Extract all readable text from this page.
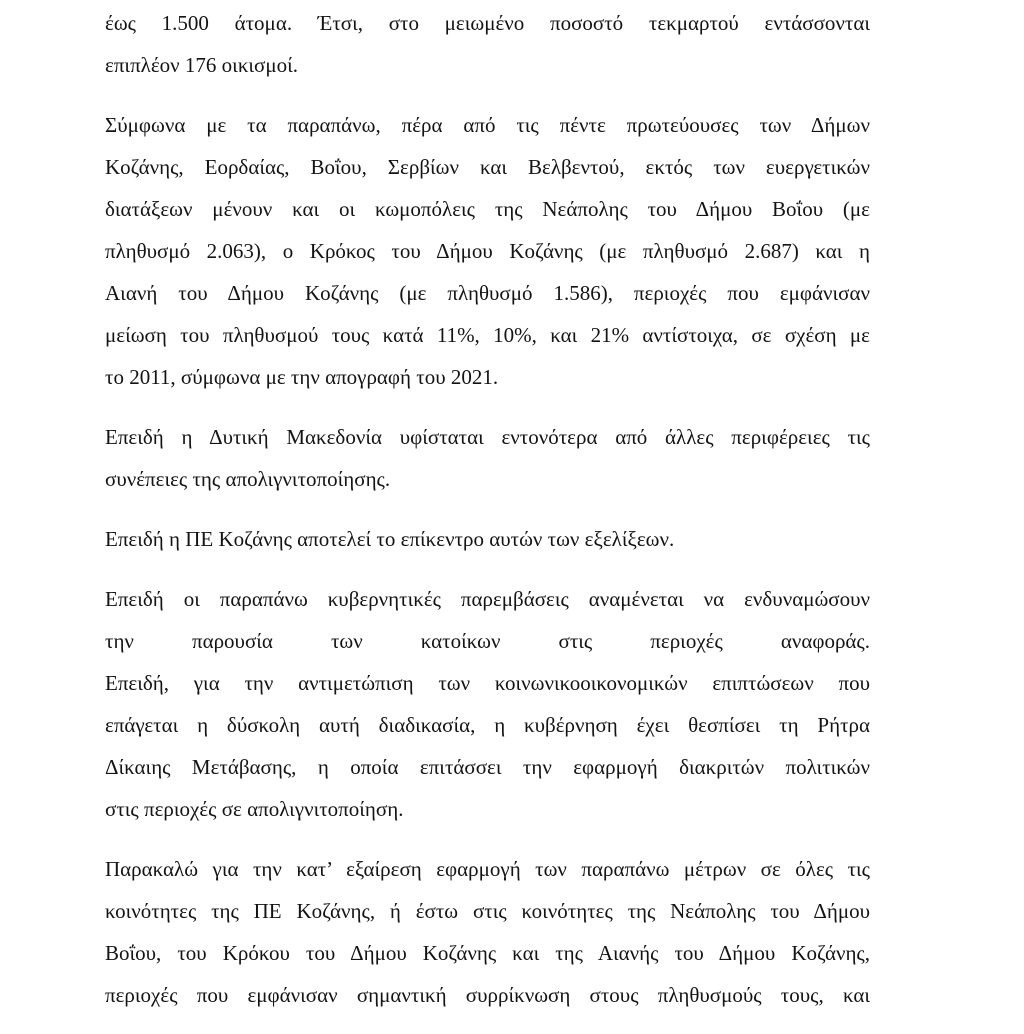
έως 1.500 άτομα. Έτσι, στο μειωμένο ποσοστό τεκμαρτού εντάσσονται
επιπλέον 176 οικισμοί.
Σύμφωνα με τα παραπάνω, πέρα από τις πέντε πρωτεύουσες των Δήμων
Κοζάνης, Εορδαίας, Βοΐου, Σερβίων και Βελβεντού, εκτός των ευεργετικών
διατάξεων μένουν και οι κωμοπόλεις της Νεάπολης του Δήμου Βοΐου (με
πληθυσμό 2.063), ο Κρόκος του Δήμου Κοζάνης (με πληθυσμό 2.687) και η
Αιανή του Δήμου Κοζάνης (με πληθυσμό 1.586), περιοχές που εμφάνισαν
μείωση του πληθυσμού τους κατά 11%, 10%, και 21% αντίστοιχα, σε σχέση με
το 2011, σύμφωνα με την απογραφή του 2021.
Επειδή η Δυτική Μακεδονία υφίσταται εντονότερα από άλλες περιφέρειες τις
συνέπειες της απολιγνιτοποίησης.
Επειδή η ΠΕ Κοζάνης αποτελεί το επίκεντρο αυτών των εξελίξεων.
Επειδή οι παραπάνω κυβερνητικές παρεμβάσεις αναμένεται να ενδυναμώσουν
την παρουσία των κατοίκων στις περιοχές αναφοράς.
Επειδή, για την αντιμετώπιση των κοινωνικοοικονομικών επιπτώσεων που
επάγεται η δύσκολη αυτή διαδικασία, η κυβέρνηση έχει θεσπίσει τη Ρήτρα
Δίκαιης Μετάβασης, η οποία επιτάσσει την εφαρμογή διακριτών πολιτικών
στις περιοχές σε απολιγνιτοποίηση.
Παρακαλώ για την κατ’ εξαίρεση εφαρμογή των παραπάνω μέτρων σε όλες τις
κοινότητες της ΠΕ Κοζάνης, ή έστω στις κοινότητες της Νεάπολης του Δήμου
Βοΐου, του Κρόκου του Δήμου Κοζάνης και της Αιανής του Δήμου Κοζάνης,
περιοχές που εμφάνισαν σημαντική συρρίκνωση στους πληθυσμούς τους, και
